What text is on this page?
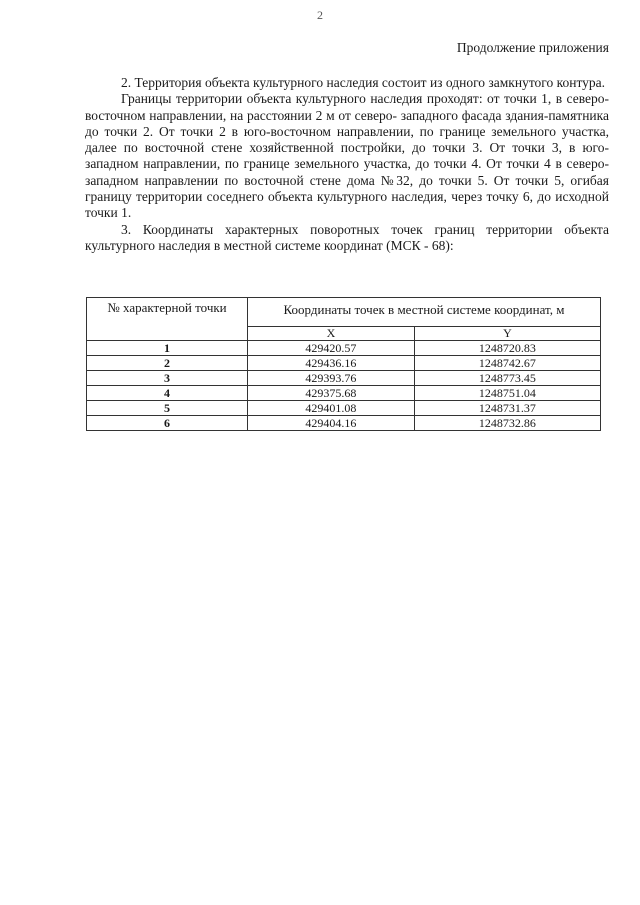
2
Продолжение приложения

2. Территория объекта культурного наследия состоит из одного замкнутого контура.

Границы территории объекта культурного наследия проходят: от точки 1, в северо-восточном направлении, на расстоянии 2 м от северо- западного фасада здания-памятника до точки 2. От точки 2 в юго-восточном направлении, по границе земельного участка, далее по восточной стене хозяйственной постройки, до точки 3. От точки 3, в юго-западном направлении, по границе земельного участка, до точки 4. От точки 4 в северо-западном направлении по восточной стене дома №32, до точки 5. От точки 5, огибая границу территории соседнего объекта культурного наследия, через точку 6, до исходной точки 1.

3. Координаты характерных поворотных точек границ территории объекта культурного наследия в местной системе координат (МСК - 68):

№ характерной точки	Координаты точек в местной системе координат, м	
	X	Y
1	429420.57	1248720.83
2	429436.16	1248742.67
3	429393.76	1248773.45
4	429375.68	1248751.04
5	429401.08	1248731.37
6	429404.16	1248732.86
